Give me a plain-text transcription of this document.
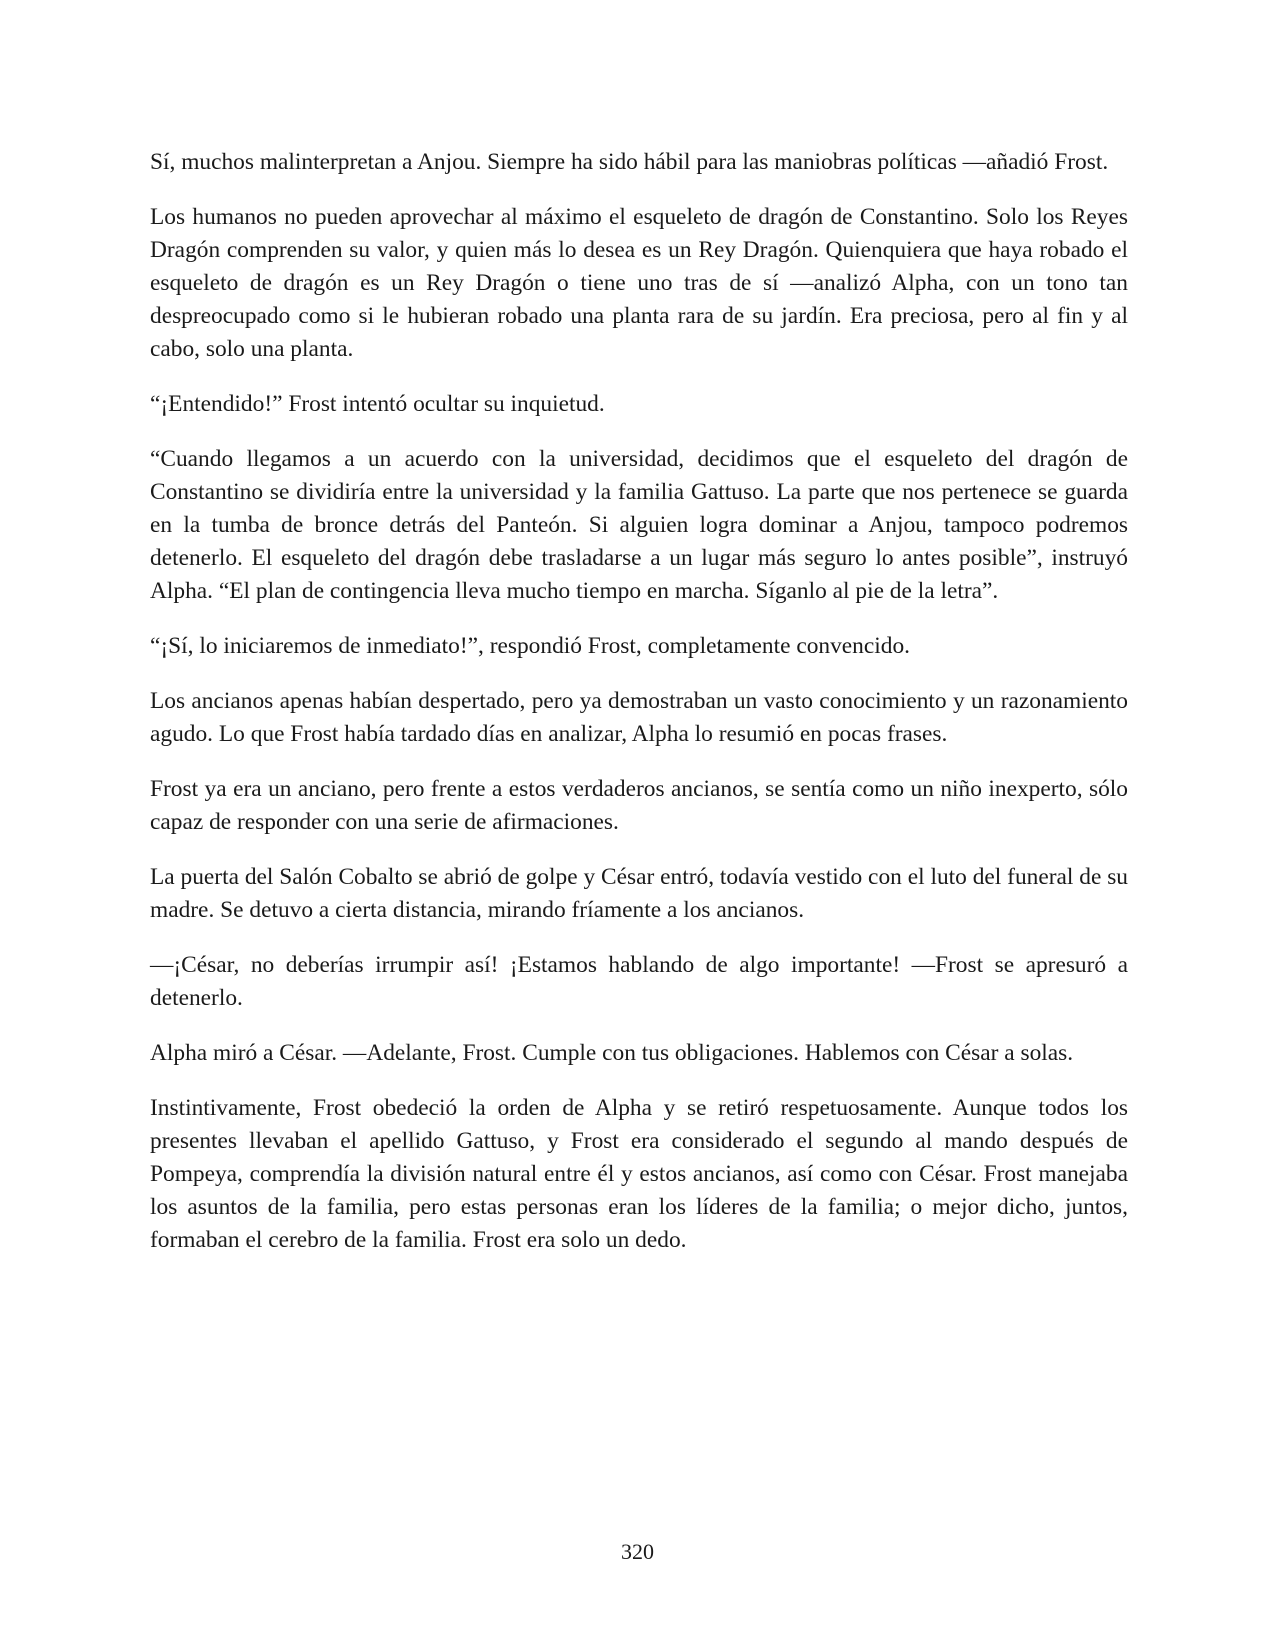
Sí, muchos malinterpretan a Anjou. Siempre ha sido hábil para las maniobras políticas —añadió Frost.

Los humanos no pueden aprovechar al máximo el esqueleto de dragón de Constantino. Solo los Reyes Dragón comprenden su valor, y quien más lo desea es un Rey Dragón. Quienquiera que haya robado el esqueleto de dragón es un Rey Dragón o tiene uno tras de sí —analizó Alpha, con un tono tan despreocupado como si le hubieran robado una planta rara de su jardín. Era preciosa, pero al fin y al cabo, solo una planta.

“¡Entendido!” Frost intentó ocultar su inquietud.

“Cuando llegamos a un acuerdo con la universidad, decidimos que el esqueleto del dragón de Constantino se dividiría entre la universidad y la familia Gattuso. La parte que nos pertenece se guarda en la tumba de bronce detrás del Panteón. Si alguien logra dominar a Anjou, tampoco podremos detenerlo. El esqueleto del dragón debe trasladarse a un lugar más seguro lo antes posible”, instruyó Alpha. “El plan de contingencia lleva mucho tiempo en marcha. Síganlo al pie de la letra”.

“¡Sí, lo iniciaremos de inmediato!”, respondió Frost, completamente convencido.

Los ancianos apenas habían despertado, pero ya demostraban un vasto conocimiento y un razonamiento agudo. Lo que Frost había tardado días en analizar, Alpha lo resumió en pocas frases.

Frost ya era un anciano, pero frente a estos verdaderos ancianos, se sentía como un niño inexperto, sólo capaz de responder con una serie de afirmaciones.

La puerta del Salón Cobalto se abrió de golpe y César entró, todavía vestido con el luto del funeral de su madre. Se detuvo a cierta distancia, mirando fríamente a los ancianos.

—¡César, no deberías irrumpir así! ¡Estamos hablando de algo importante! —Frost se apresuró a detenerlo.

Alpha miró a César. —Adelante, Frost. Cumple con tus obligaciones. Hablemos con César a solas.

Instintivamente, Frost obedeció la orden de Alpha y se retiró respetuosamente. Aunque todos los presentes llevaban el apellido Gattuso, y Frost era considerado el segundo al mando después de Pompeya, comprendía la división natural entre él y estos ancianos, así como con César. Frost manejaba los asuntos de la familia, pero estas personas eran los líderes de la familia; o mejor dicho, juntos, formaban el cerebro de la familia. Frost era solo un dedo.

320
